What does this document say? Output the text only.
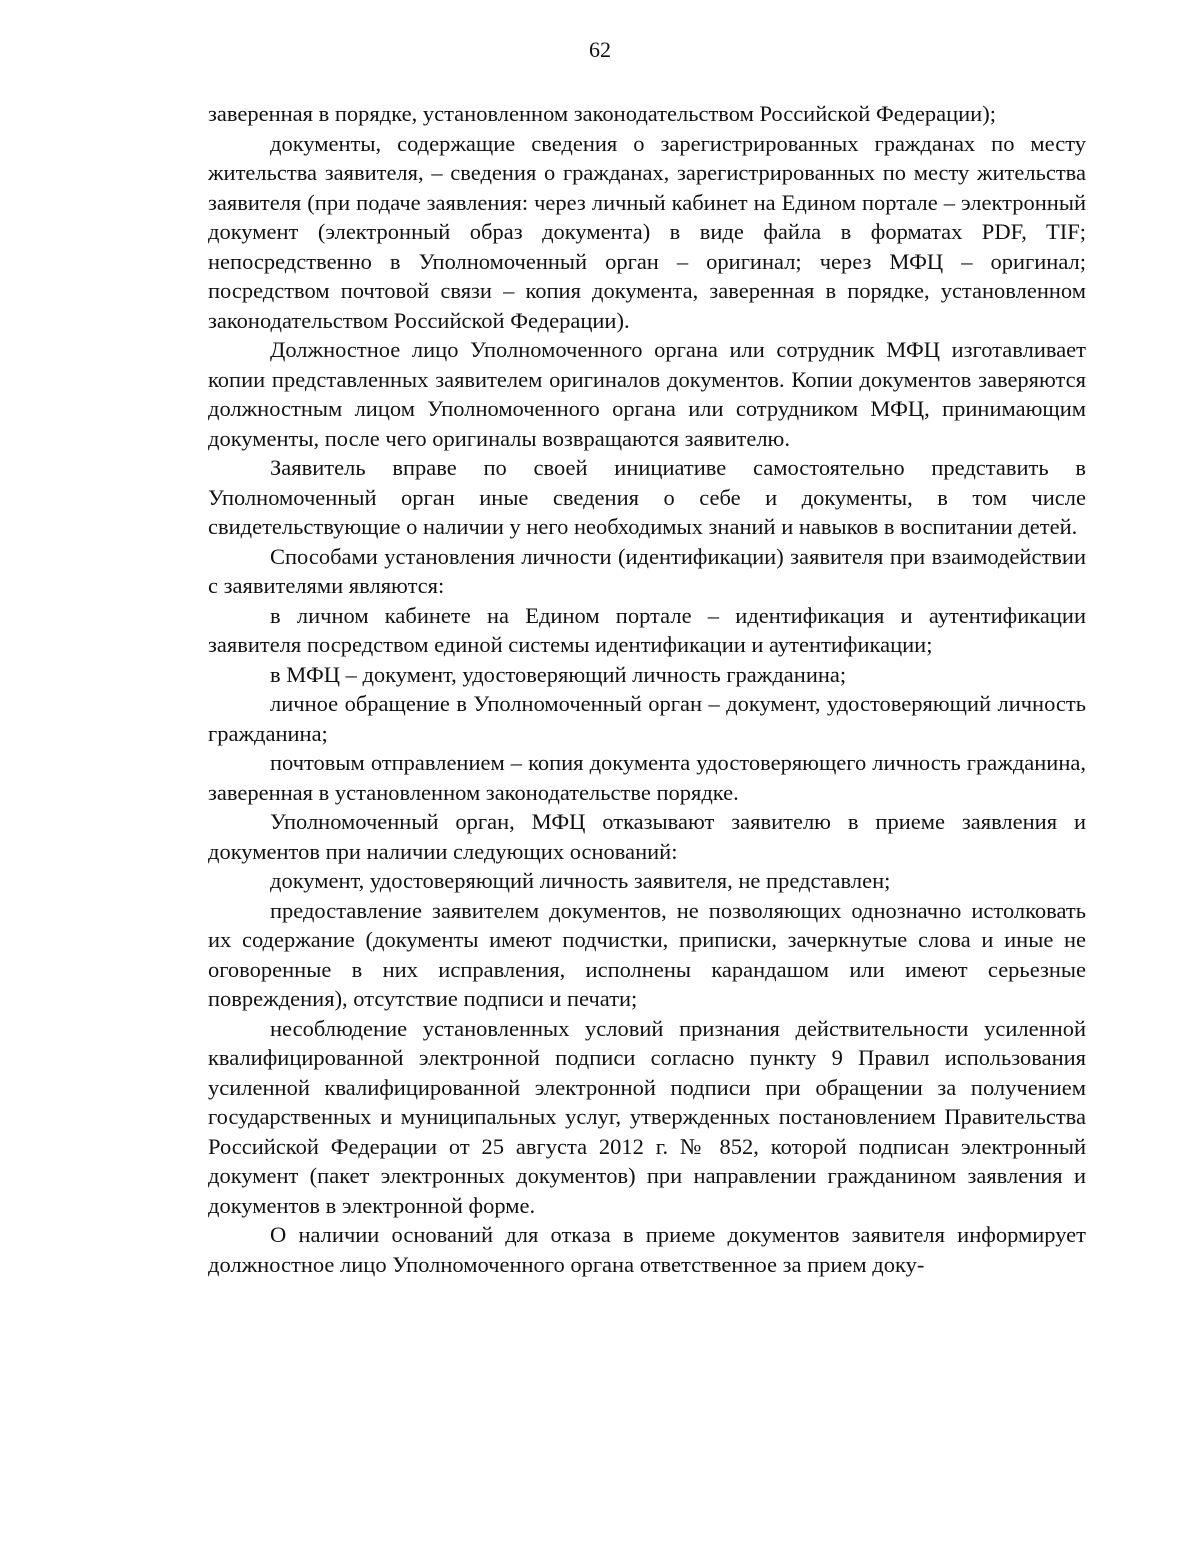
62

заверенная в порядке, установленном законодательством Российской Федерации);

документы, содержащие сведения о зарегистрированных гражданах по месту жительства заявителя, – сведения о гражданах, зарегистрированных по месту жительства заявителя (при подаче заявления: через личный кабинет на Едином портале – электронный документ (электронный образ документа) в виде файла в форматах PDF, TIF; непосредственно в Уполномоченный орган – оригинал; через МФЦ – оригинал; посредством почтовой связи – копия документа, заверенная в порядке, установленном законодательством Российской Федерации).

Должностное лицо Уполномоченного органа или сотрудник МФЦ изготавливает копии представленных заявителем оригиналов документов. Копии документов заверяются должностным лицом Уполномоченного органа или сотрудником МФЦ, принимающим документы, после чего оригиналы возвращаются заявителю.

Заявитель вправе по своей инициативе самостоятельно представить в Уполномоченный орган иные сведения о себе и документы, в том числе свидетельствующие о наличии у него необходимых знаний и навыков в воспитании детей.

Способами установления личности (идентификации) заявителя при взаимодействии с заявителями являются:

в личном кабинете на Едином портале – идентификация и аутентификации заявителя посредством единой системы идентификации и аутентификации;

в МФЦ – документ, удостоверяющий личность гражданина;

личное обращение в Уполномоченный орган – документ, удостоверяющий личность гражданина;

почтовым отправлением – копия документа удостоверяющего личность гражданина, заверенная в установленном законодательстве порядке.

Уполномоченный орган, МФЦ отказывают заявителю в приеме заявления и документов при наличии следующих оснований:

документ, удостоверяющий личность заявителя, не представлен;

предоставление заявителем документов, не позволяющих однозначно истолковать их содержание (документы имеют подчистки, приписки, зачеркнутые слова и иные не оговоренные в них исправления, исполнены карандашом или имеют серьезные повреждения), отсутствие подписи и печати;

несоблюдение установленных условий признания действительности усиленной квалифицированной электронной подписи согласно пункту 9 Правил использования усиленной квалифицированной электронной подписи при обращении за получением государственных и муниципальных услуг, утвержденных постановлением Правительства Российской Федерации от 25 августа 2012 г. № 852, которой подписан электронный документ (пакет электронных документов) при направлении гражданином заявления и документов в электронной форме.

О наличии оснований для отказа в приеме документов заявителя информирует должностное лицо Уполномоченного органа ответственное за прием доку-
